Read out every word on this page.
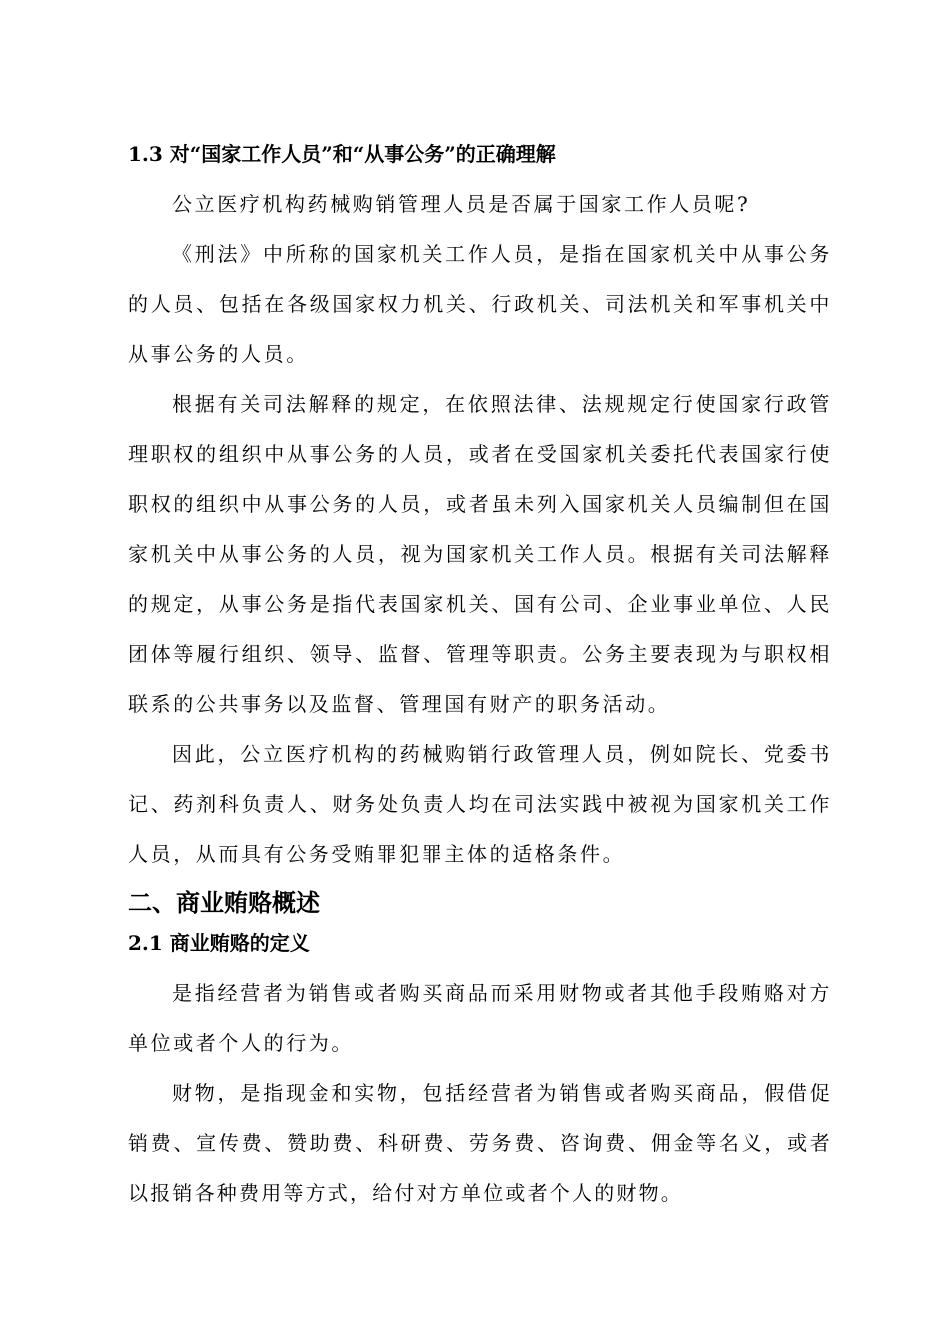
1.3 对“国家工作人员”和“从事公务”的正确理解

公立医疗机构药械购销管理人员是否属于国家工作人员呢?

《刑法》中所称的国家机关工作人员，是指在国家机关中从事公务的人员、包括在各级国家权力机关、行政机关、司法机关和军事机关中从事公务的人员。

根据有关司法解释的规定，在依照法律、法规规定行使国家行政管理职权的组织中从事公务的人员，或者在受国家机关委托代表国家行使职权的组织中从事公务的人员，或者虽未列入国家机关人员编制但在国家机关中从事公务的人员，视为国家机关工作人员。根据有关司法解释的规定，从事公务是指代表国家机关、国有公司、企业事业单位、人民团体等履行组织、领导、监督、管理等职责。公务主要表现为与职权相联系的公共事务以及监督、管理国有财产的职务活动。

因此，公立医疗机构的药械购销行政管理人员，例如院长、党委书记、药剂科负责人、财务处负责人均在司法实践中被视为国家机关工作人员，从而具有公务受贿罪犯罪主体的适格条件。

二、商业贿赂概述
2.1 商业贿赂的定义

是指经营者为销售或者购买商品而采用财物或者其他手段贿赂对方单位或者个人的行为。

财物，是指现金和实物，包括经营者为销售或者购买商品，假借促销费、宣传费、赞助费、科研费、劳务费、咨询费、佣金等名义，或者以报销各种费用等方式，给付对方单位或者个人的财物。
